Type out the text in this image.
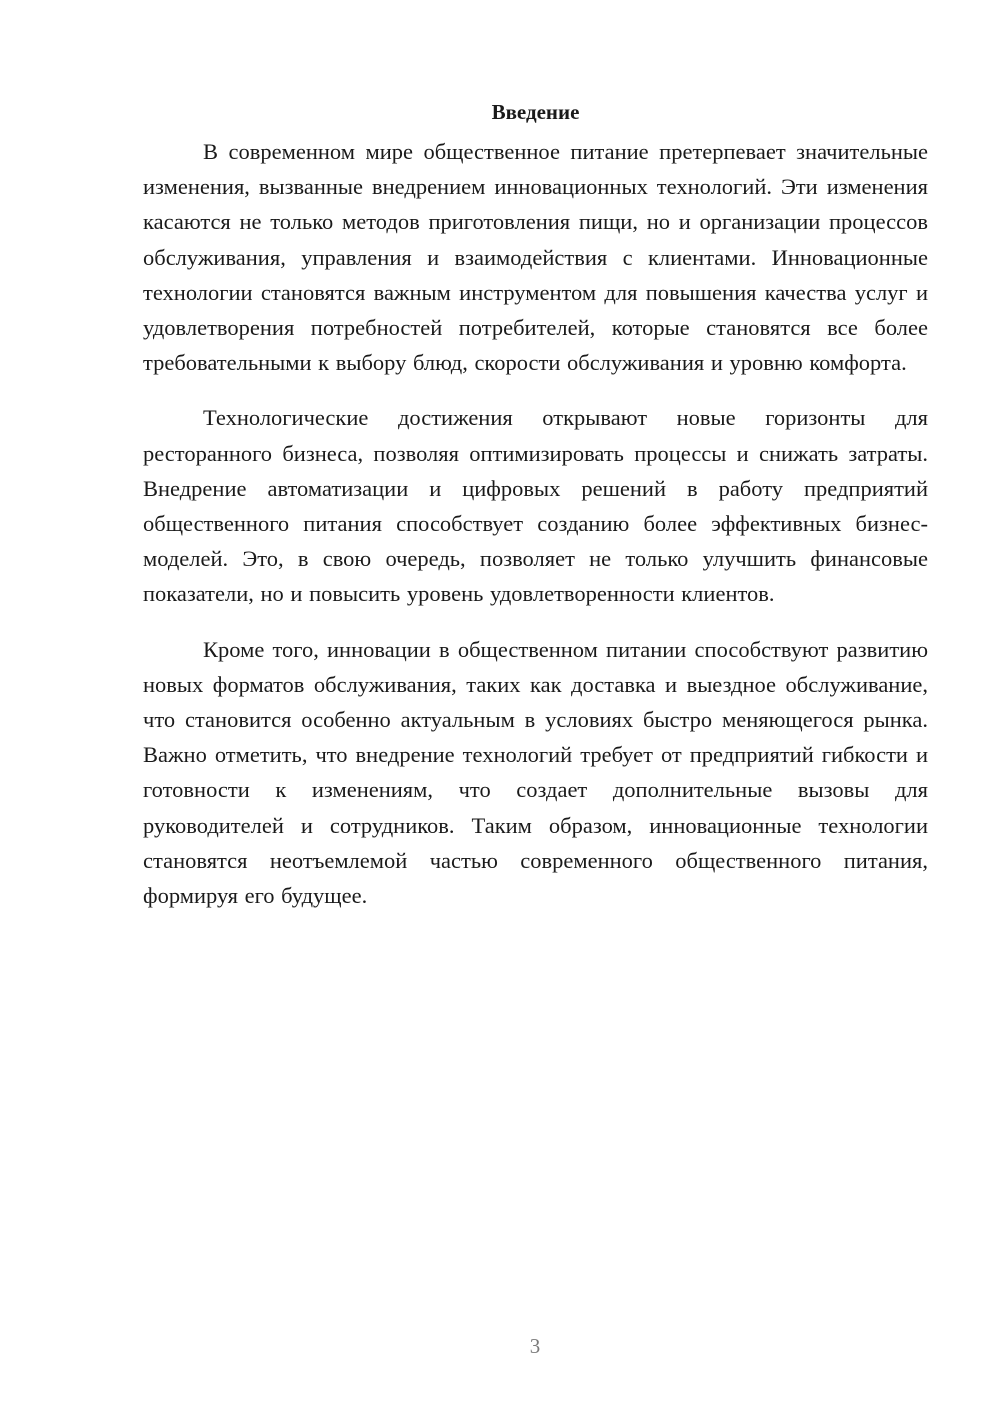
Введение

В современном мире общественное питание претерпевает значительные изменения, вызванные внедрением инновационных технологий. Эти изменения касаются не только методов приготовления пищи, но и организации процессов обслуживания, управления и взаимодействия с клиентами. Инновационные технологии становятся важным инструментом для повышения качества услуг и удовлетворения потребностей потребителей, которые становятся все более требовательными к выбору блюд, скорости обслуживания и уровню комфорта.

Технологические достижения открывают новые горизонты для ресторанного бизнеса, позволяя оптимизировать процессы и снижать затраты. Внедрение автоматизации и цифровых решений в работу предприятий общественного питания способствует созданию более эффективных бизнес-моделей. Это, в свою очередь, позволяет не только улучшить финансовые показатели, но и повысить уровень удовлетворенности клиентов.

Кроме того, инновации в общественном питании способствуют развитию новых форматов обслуживания, таких как доставка и выездное обслуживание, что становится особенно актуальным в условиях быстро меняющегося рынка. Важно отметить, что внедрение технологий требует от предприятий гибкости и готовности к изменениям, что создает дополнительные вызовы для руководителей и сотрудников. Таким образом, инновационные технологии становятся неотъемлемой частью современного общественного питания, формируя его будущее.

3
